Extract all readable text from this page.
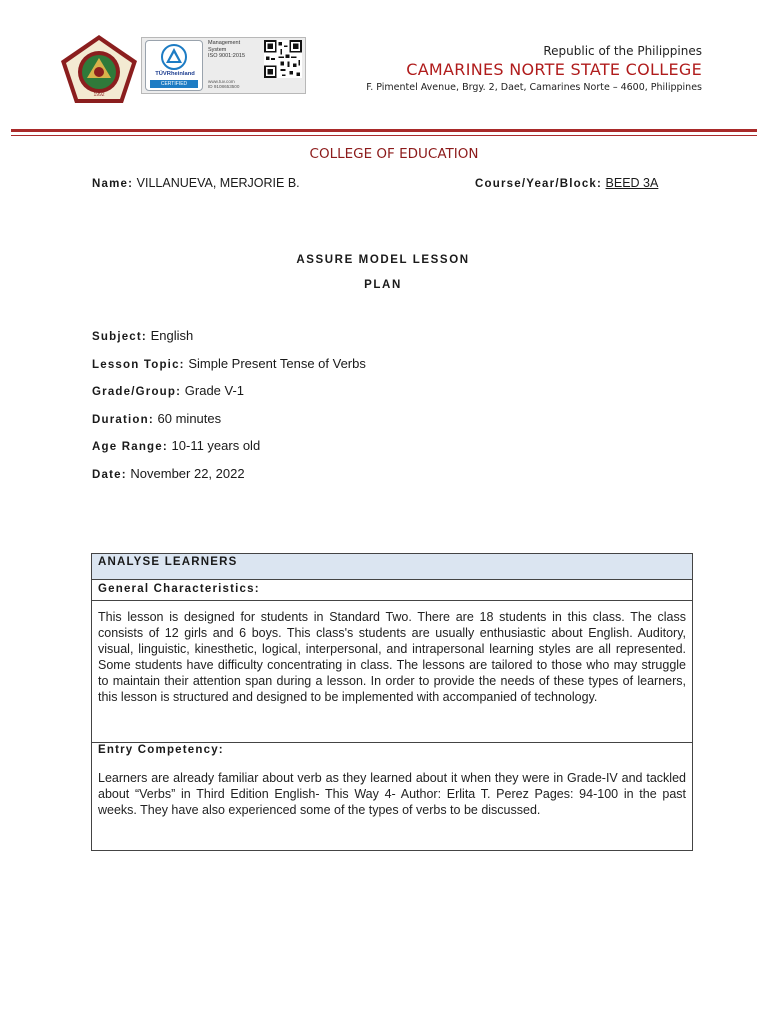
1992
TÜVRheinland
CERTIFIED
Management
System
ISO 9001:2015
www.tuv.com
ID 9108653500
Republic of the Philippines
CAMARINES NORTE STATE COLLEGE
F. Pimentel Avenue, Brgy. 2, Daet, Camarines Norte – 4600, Philippines
COLLEGE OF EDUCATION
Name: VILLANUEVA, MERJORIE B.	Course/Year/Block: BEED 3A
ASSURE MODEL LESSON
PLAN
Subject: English
Lesson Topic: Simple Present Tense of Verbs
Grade/Group: Grade V-1
Duration: 60 minutes
Age Range: 10-11 years old
Date: November 22, 2022
ANALYSE LEARNERS
General Characteristics:
This lesson is designed for students in Standard Two. There are 18 students in this class. The class consists of 12 girls and 6 boys. This class's students are usually enthusiastic about English. Auditory, visual, linguistic, kinesthetic, logical, interpersonal, and intrapersonal learning styles are all represented. Some students have difficulty concentrating in class. The lessons are tailored to those who may struggle to maintain their attention span during a lesson. In order to provide the needs of these types of learners, this lesson is structured and designed to be implemented with accompanied of technology.
Entry Competency:
Learners are already familiar about verb as they learned about it when they were in Grade-IV and tackled about “Verbs” in Third Edition English- This Way 4- Author: Erlita T. Perez Pages: 94-100 in the past weeks. They have also experienced some of the types of verbs to be discussed.
